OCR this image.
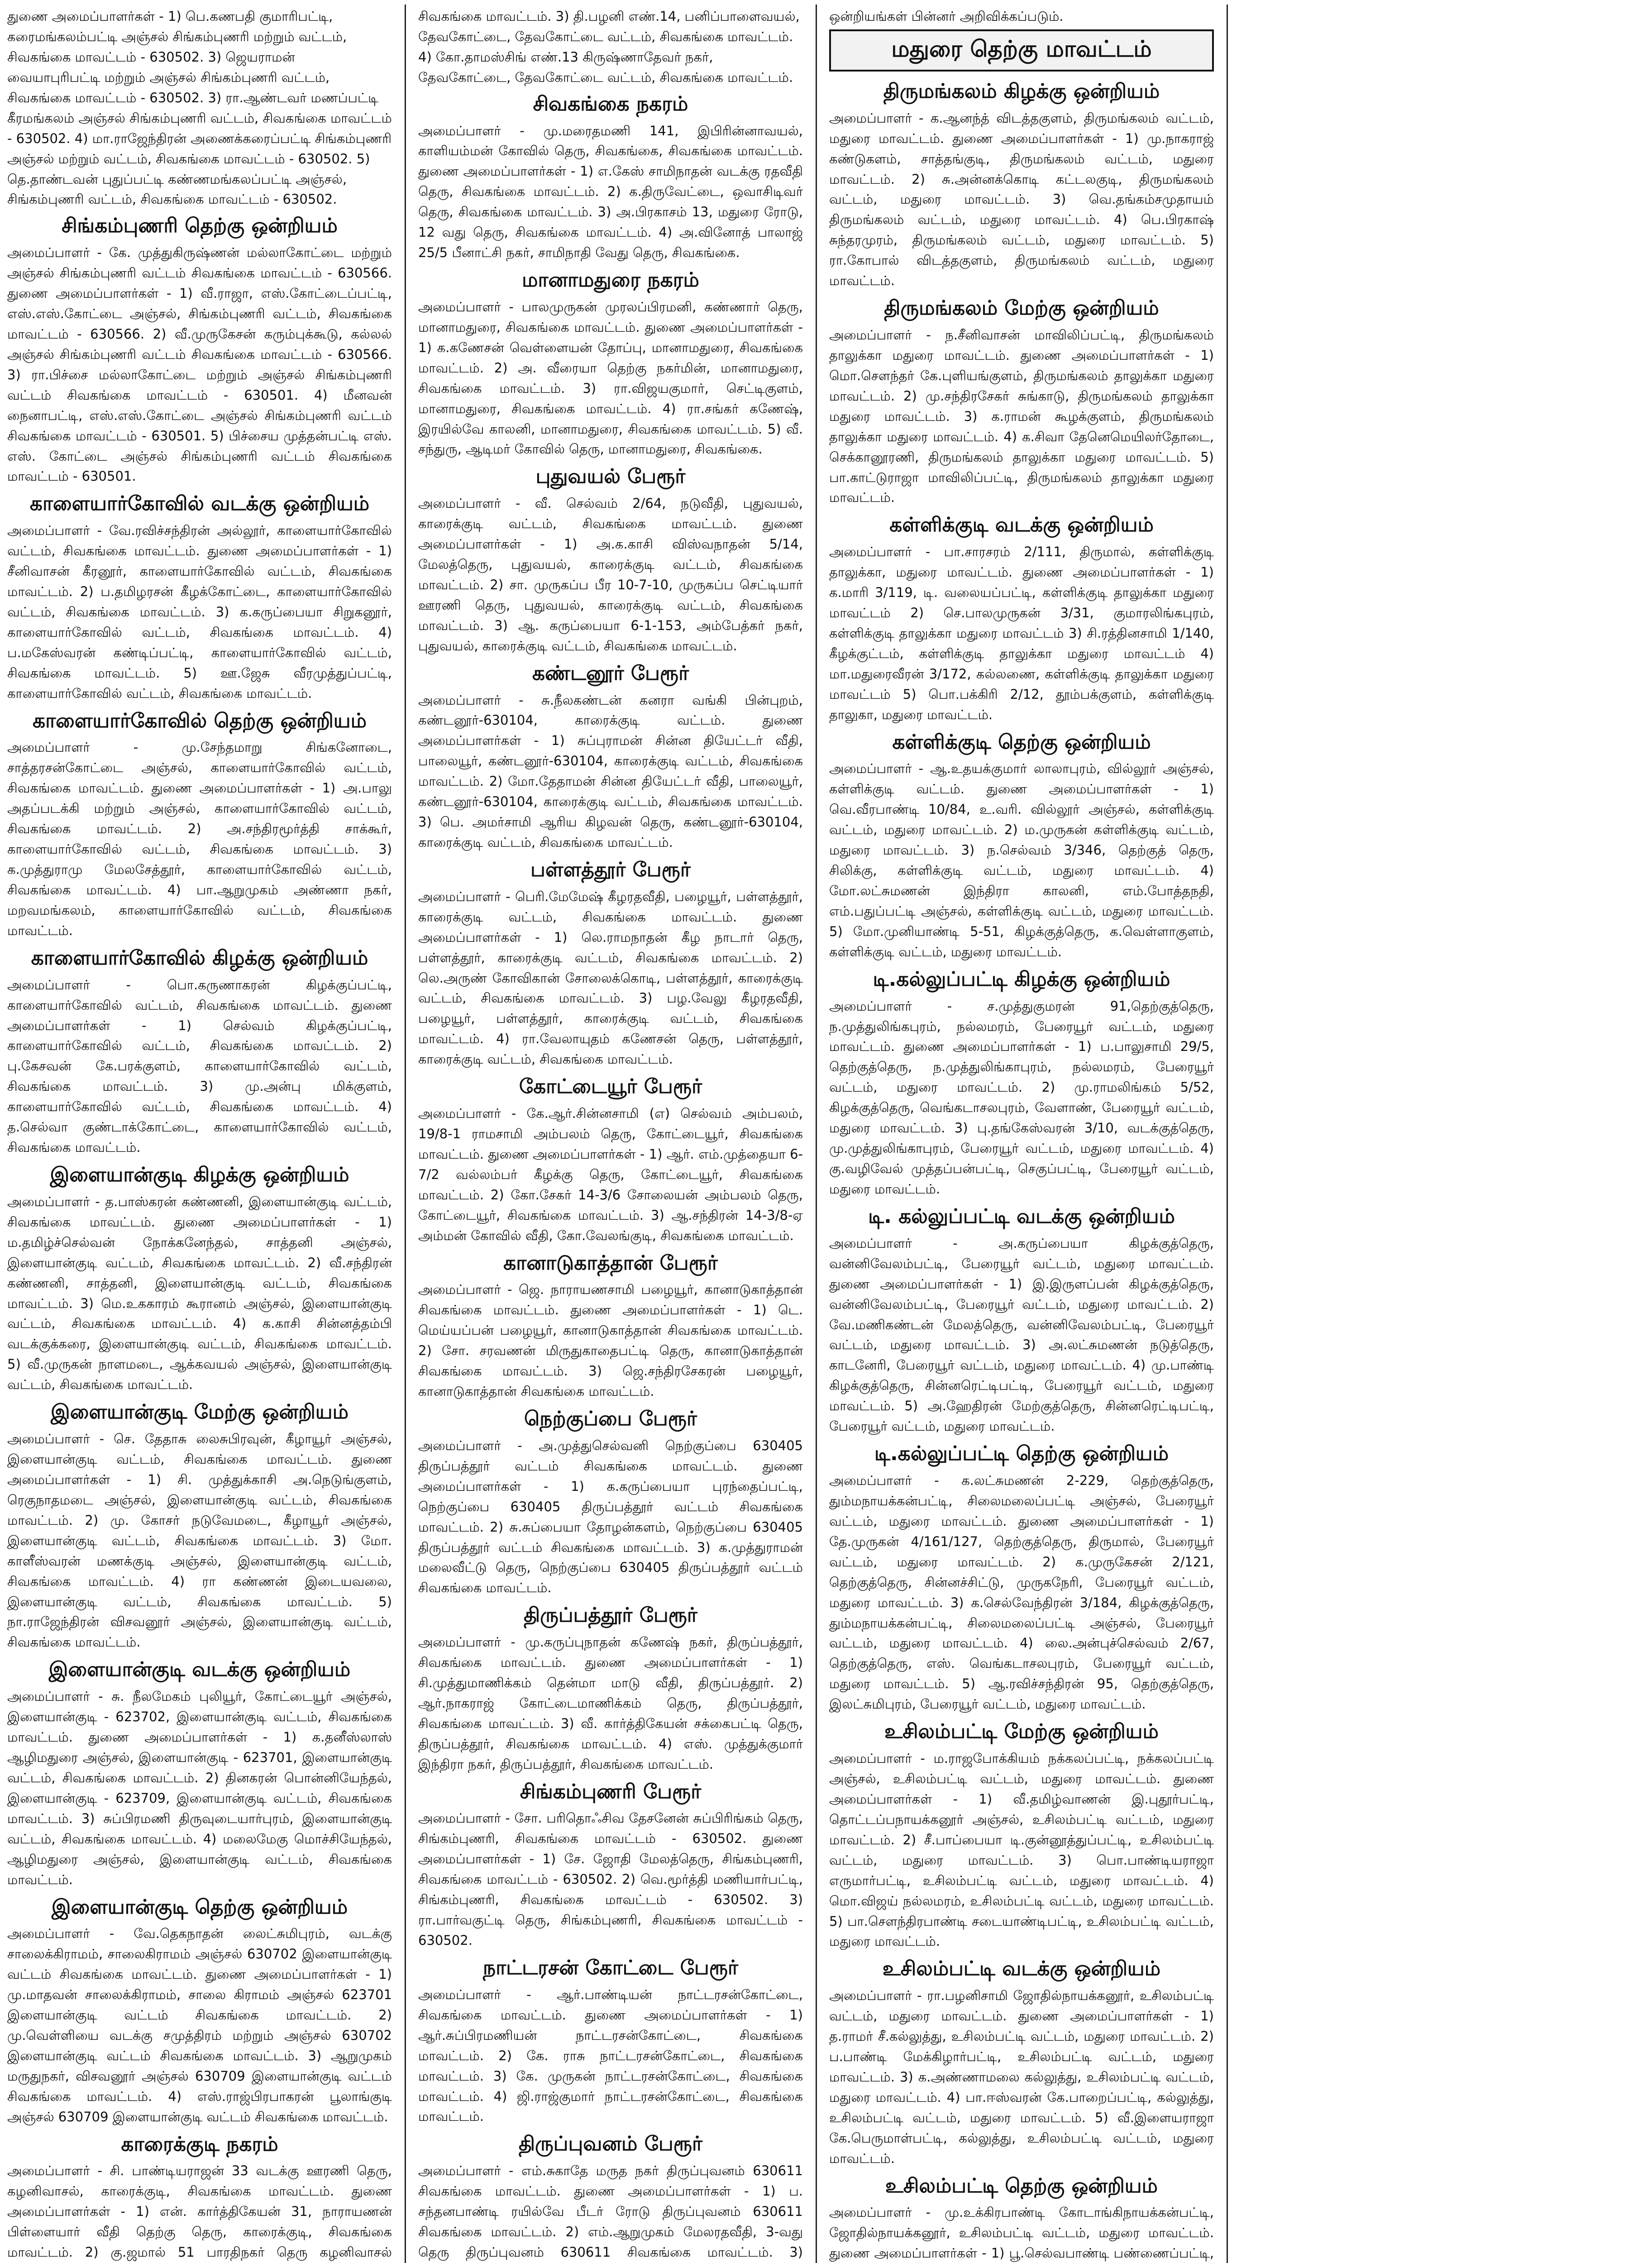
துணை அமைப்பாளர்கள் - 1) பெ.கணபதி குமாரிபட்டி, கரைமங்கலம்பட்டி அஞ்சல் சிங்கம்புணரி மற்றும் வட்டம், சிவகங்கை மாவட்டம் - 630502. 3) ஜெயராமன் வையாபுரிபட்டி மற்றும் அஞ்சல் சிங்கம்புணரி வட்டம், சிவகங்கை மாவட்டம் - 630502. 3) ரா.ஆண்டவர் மணப்பட்டி கீரமங்கலம் அஞ்சல் சிங்கம்புணரி வட்டம், சிவகங்கை மாவட்டம் - 630502. 4) மா.ராஜேந்திரன் அணைக்கரைப்பட்டி சிங்கம்புணரி அஞ்சல் மற்றும் வட்டம், சிவகங்கை மாவட்டம் - 630502. 5) தெ.தாண்டவன் புதுப்பட்டி கண்ணமங்கலப்பட்டி அஞ்சல், சிங்கம்புணரி வட்டம், சிவகங்கை மாவட்டம் - 630502.

சிங்கம்புணரி தெற்கு ஒன்றியம்

அமைப்பாளர் - கே. முத்துகிருஷ்ணன் மல்லாகோட்டை மற்றும் அஞ்சல் சிங்கம்புணரி வட்டம் சிவகங்கை மாவட்டம் - 630566. துணை அமைப்பாளர்கள் - 1) வீ.ராஜா, எஸ்.கோட்டைப்பட்டி, எஸ்.எஸ்.கோட்டை அஞ்சல், சிங்கம்புணரி வட்டம், சிவகங்கை மாவட்டம் - 630566. 2) வீ.முருகேசன் கரும்புக்கூடு, கல்லல் அஞ்சல் சிங்கம்புணரி வட்டம் சிவகங்கை மாவட்டம் - 630566. 3) ரா.பிச்சை மல்லாகோட்டை மற்றும் அஞ்சல் சிங்கம்புணரி வட்டம் சிவகங்கை மாவட்டம் - 630501. 4) மீனவன் நைனாபட்டி, எஸ்.எஸ்.கோட்டை அஞ்சல் சிங்கம்புணரி வட்டம் சிவகங்கை மாவட்டம் - 630501. 5) பிச்சைய முத்தன்பட்டி எஸ். எஸ். கோட்டை அஞ்சல் சிங்கம்புணரி வட்டம் சிவகங்கை மாவட்டம் - 630501.

காளையார்கோவில் வடக்கு ஒன்றியம்

அமைப்பாளர் - வே.ரவிச்சந்திரன் அல்லூர், காளையார்கோவில் வட்டம், சிவகங்கை மாவட்டம். துணை அமைப்பாளர்கள் - 1) சீனிவாசன் கீரனூர், காளையார்கோவில் வட்டம், சிவகங்கை மாவட்டம். 2) ப.தமிழரசன் கீழக்கோட்டை, காளையார்கோவில் வட்டம், சிவகங்கை மாவட்டம். 3) க.கருப்பையா சிறுகனூர், காளையார்கோவில் வட்டம், சிவகங்கை மாவட்டம். 4) ப.மகேஸ்வரன் கண்டிப்பட்டி, காளையார்கோவில் வட்டம், சிவகங்கை மாவட்டம். 5) ஊ.ஜேசு வீரமுத்துப்பட்டி, காளையார்கோவில் வட்டம், சிவகங்கை மாவட்டம்.

காளையார்கோவில் தெற்கு ஒன்றியம்

அமைப்பாளர் - மு.சேந்தமாறு சிங்கனோடை, சாத்தரசன்கோட்டை அஞ்சல், காளையார்கோவில் வட்டம், சிவகங்கை மாவட்டம். துணை அமைப்பாளர்கள் - 1) அ.பாலு அதப்படக்கி மற்றும் அஞ்சல், காளையார்கோவில் வட்டம், சிவகங்கை மாவட்டம். 2) அ.சந்திரமூர்த்தி சாக்கூர், காளையார்கோவில் வட்டம், சிவகங்கை மாவட்டம். 3) க.முத்துராமு மேலசேத்தூர், காளையார்கோவில் வட்டம், சிவகங்கை மாவட்டம். 4) பா.ஆறுமுகம் அண்ணா நகர், மறவமங்கலம், காளையார்கோவில் வட்டம், சிவகங்கை மாவட்டம்.

காளையார்கோவில் கிழக்கு ஒன்றியம்

அமைப்பாளர் - பொ.கருணாகரன் கிழக்குப்பட்டி, காளையார்கோவில் வட்டம், சிவகங்கை மாவட்டம். துணை அமைப்பாளர்கள் - 1) செல்வம் கிழக்குப்பட்டி, காளையார்கோவில் வட்டம், சிவகங்கை மாவட்டம். 2) பு.கேசவன் கே.பரக்குளம், காளையார்கோவில் வட்டம், சிவகங்கை மாவட்டம். 3) மு.அன்பு மிக்குளம், காளையார்கோவில் வட்டம், சிவகங்கை மாவட்டம். 4) த.செல்வா குண்டாக்கோட்டை, காளையார்கோவில் வட்டம், சிவகங்கை மாவட்டம்.

இளையான்குடி கிழக்கு ஒன்றியம்

அமைப்பாளர் - த.பாஸ்கரன் கண்ணனி, இளையான்குடி வட்டம், சிவகங்கை மாவட்டம். துணை அமைப்பாளர்கள் - 1) ம.தமிழ்ச்செல்வன் நோக்கனேந்தல், சாத்தனி அஞ்சல், இளையான்குடி வட்டம், சிவகங்கை மாவட்டம். 2) வீ.சந்திரன் கண்ணனி, சாத்தனி, இளையான்குடி வட்டம், சிவகங்கை மாவட்டம். 3) மெ.உககாரம் கூரானம் அஞ்சல், இளையான்குடி வட்டம், சிவகங்கை மாவட்டம். 4) க.காசி சின்னத்தம்பி வடக்குக்கரை, இளையான்குடி வட்டம், சிவகங்கை மாவட்டம். 5) வீ.முருகன் நாளமடை, ஆக்கவயல் அஞ்சல், இளையான்குடி வட்டம், சிவகங்கை மாவட்டம்.

இளையான்குடி மேற்கு ஒன்றியம்

அமைப்பாளர் - செ. தேதாசு லைசுபிரவுன், கீழாயூர் அஞ்சல், இளையான்குடி வட்டம், சிவகங்கை மாவட்டம். துணை அமைப்பாளர்கள் - 1) சி. முத்துக்காசி அ.நெடுங்குளம், ரெகுநாதமடை அஞ்சல், இளையான்குடி வட்டம், சிவகங்கை மாவட்டம். 2) மு. கோசர் நடுவேமடை, கீழாயூர் அஞ்சல், இளையான்குடி வட்டம், சிவகங்கை மாவட்டம். 3) மோ. காளீஸ்வரன் மணக்குடி அஞ்சல், இளையான்குடி வட்டம், சிவகங்கை மாவட்டம். 4) ரா கண்ணன் இடையவலை, இளையான்குடி வட்டம், சிவகங்கை மாவட்டம். 5) நா.ராஜேந்திரன் விசவனூர் அஞ்சல், இளையான்குடி வட்டம், சிவகங்கை மாவட்டம்.

இளையான்குடி வடக்கு ஒன்றியம்

அமைப்பாளர் - சு. நீலமேகம் புலியூர், கோட்டையூர் அஞ்சல், இளையான்குடி - 623702, இளையான்குடி வட்டம், சிவகங்கை மாவட்டம். துணை அமைப்பாளர்கள் - 1) க.தனீஸ்லாஸ் ஆழிமதுரை அஞ்சல், இளையான்குடி - 623701, இளையான்குடி வட்டம், சிவகங்கை மாவட்டம். 2) தினகரன் பொன்னியேந்தல், இளையான்குடி - 623709, இளையான்குடி வட்டம், சிவகங்கை மாவட்டம். 3) சுப்பிரமணி திருவுடையார்புரம், இளையான்குடி வட்டம், சிவகங்கை மாவட்டம். 4) மலைமேகு மொச்சியேந்தல், ஆழிமதுரை அஞ்சல், இளையான்குடி வட்டம், சிவகங்கை மாவட்டம்.

இளையான்குடி தெற்கு ஒன்றியம்

அமைப்பாளர் - வே.தெகநாதன் லைட்சுமிபுரம், வடக்கு சாலைக்கிராமம், சாலைகிராமம் அஞ்சல் 630702 இளையான்குடி வட்டம் சிவகங்கை மாவட்டம். துணை அமைப்பாளர்கள் - 1) மு.மாதவன் சாலைக்கிராமம், சாலை கிராமம் அஞ்சல் 623701 இளையான்குடி வட்டம் சிவகங்கை மாவட்டம். 2) மு.வெள்ளியை வடக்கு சமுத்திரம் மற்றும் அஞ்சல் 630702 இளையான்குடி வட்டம் சிவகங்கை மாவட்டம். 3) ஆறுமுகம் மருதுநகர், விசவனூர் அஞ்சல் 630709 இளையான்குடி வட்டம் சிவகங்கை மாவட்டம். 4) எஸ்.ராஜ்பிரபாகரன் பூலாங்குடி அஞ்சல் 630709 இளையான்குடி வட்டம் சிவகங்கை மாவட்டம்.

காரைக்குடி நகரம்

அமைப்பாளர் - சி. பாண்டியராஜன் 33 வடக்கு ஊரணி தெரு, கழனிவாசல், காரைக்குடி, சிவகங்கை மாவட்டம். துணை அமைப்பாளர்கள் - 1) என். கார்த்திகேயன் 31, நாராயணன் பிள்ளையார் வீதி தெற்கு தெரு, காரைக்குடி, சிவகங்கை மாவட்டம். 2) கு.ஜமால் 51 பாரதிநகர் தெரு கழனிவாசல்

சிவகங்கை மாவட்டம். 3) தி.பழனி எண்.14, பனிப்பாளைவயல், தேவகோட்டை, தேவகோட்டை வட்டம், சிவகங்கை மாவட்டம். 4) கோ.தாமஸ்சிங் எண்.13 கிருஷ்ணாதேவர் நகர், தேவகோட்டை, தேவகோட்டை வட்டம், சிவகங்கை மாவட்டம்.

சிவகங்கை நகரம்

அமைப்பாளர் - மு.மரைதமணி 141, இபிரின்னாவயல், காளியம்மன் கோவில் தெரு, சிவகங்கை, சிவகங்கை மாவட்டம். துணை அமைப்பாளர்கள் - 1) எ.கேஸ் சாமிநாதன் வடக்கு ரதவீதி தெரு, சிவகங்கை மாவட்டம். 2) க.திருவேட்டை, ஒவாசிடிவர் தெரு, சிவகங்கை மாவட்டம். 3) அ.பிரகாசம் 13, மதுரை ரோடு, 12 வது தெரு, சிவகங்கை மாவட்டம். 4) அ.வினோத் பாலாஜ் 25/5 பீனாட்சி நகர், சாமிநாதி வேது தெரு, சிவகங்கை.

மானாமதுரை நகரம்

அமைப்பாளர் - பாலமுருகன் முரலப்பிரமனி, கண்ணார் தெரு, மானாமதுரை, சிவகங்கை மாவட்டம். துணை அமைப்பாளர்கள் - 1) க.கணேசன் வெள்ளையன் தோப்பு, மானாமதுரை, சிவகங்கை மாவட்டம். 2) அ. வீரையா தெற்கு நகர்மின், மானாமதுரை, சிவகங்கை மாவட்டம். 3) ரா.விஜயகுமார், செட்டிகுளம், மானாமதுரை, சிவகங்கை மாவட்டம். 4) ரா.சங்கர் கணேஷ், இரயில்வே காலனி, மானாமதுரை, சிவகங்கை மாவட்டம். 5) வீ. சந்துரு, ஆடிமர் கோவில் தெரு, மானாமதுரை, சிவகங்கை.

புதுவயல் பேரூர்

அமைப்பாளர் - வீ. செல்வம் 2/64, நடுவீதி, புதுவயல், காரைக்குடி வட்டம், சிவகங்கை மாவட்டம். துணை அமைப்பாளர்கள் - 1) அ.க.காசி விஸ்வநாதன் 5/14, மேலத்தெரு, புதுவயல், காரைக்குடி வட்டம், சிவகங்கை மாவட்டம். 2) சா. முருகப்ப பீர 10-7-10, முருகப்ப செட்டியார் ஊரணி தெரு, புதுவயல், காரைக்குடி வட்டம், சிவகங்கை மாவட்டம். 3) ஆ. கருப்பையா 6-1-153, அம்பேத்கர் நகர், புதுவயல், காரைக்குடி வட்டம், சிவகங்கை மாவட்டம்.

கண்டனூர் பேரூர்

அமைப்பாளர் - சு.நீலகண்டன் கனரா வங்கி பின்புறம், கண்டனூர்-630104, காரைக்குடி வட்டம். துணை அமைப்பாளர்கள் - 1) சுப்புராமன் சின்ன தியேட்டர் வீதி, பாலையூர், கண்டனூர்-630104, காரைக்குடி வட்டம், சிவகங்கை மாவட்டம். 2) மோ.தேதாமன் சின்ன தியேட்டர் வீதி, பாலையூர், கண்டனூர்-630104, காரைக்குடி வட்டம், சிவகங்கை மாவட்டம். 3) பெ. அமர்சாமி ஆரிய கிழவன் தெரு, கண்டனூர்-630104, காரைக்குடி வட்டம், சிவகங்கை மாவட்டம்.

பள்ளத்தூர் பேரூர்

அமைப்பாளர் - பெரி.மேமேஷ் கீழரதவீதி, பழையூர், பள்ளத்தூர், காரைக்குடி வட்டம், சிவகங்கை மாவட்டம். துணை அமைப்பாளர்கள் - 1) லெ.ராமநாதன் கீழ நாடார் தெரு, பள்ளத்தூர், காரைக்குடி வட்டம், சிவகங்கை மாவட்டம். 2) லெ.அருண் கோவிகான் சோலைக்கொடி, பள்ளத்தூர், காரைக்குடி வட்டம், சிவகங்கை மாவட்டம். 3) பழ.வேலு கீழரதவீதி, பழையூர், பள்ளத்தூர், காரைக்குடி வட்டம், சிவகங்கை மாவட்டம். 4) ரா.வேலாயுதம் கணேசன் தெரு, பள்ளத்தூர், காரைக்குடி வட்டம், சிவகங்கை மாவட்டம்.

கோட்டையூர் பேரூர்

அமைப்பாளர் - கே.ஆர்.சின்னசாமி (எ) செல்வம் அம்பலம், 19/8-1 ராமசாமி அம்பலம் தெரு, கோட்டையூர், சிவகங்கை மாவட்டம். துணை அமைப்பாளர்கள் - 1) ஆர். எம்.முத்தையா 6-7/2 வல்லம்பர் கீழக்கு தெரு, கோட்டையூர், சிவகங்கை மாவட்டம். 2) கோ.சேகர் 14-3/6 சோலையன் அம்பலம் தெரு, கோட்டையூர், சிவகங்கை மாவட்டம். 3) ஆ.சந்திரன் 14-3/8-ஏ அம்மன் கோவில் வீதி, கோ.வேலங்குடி, சிவகங்கை மாவட்டம்.

கானாடுகாத்தான் பேரூர்

அமைப்பாளர் - ஜெ. நாராயணசாமி பழையூர், கானாடுகாத்தான் சிவகங்கை மாவட்டம். துணை அமைப்பாளர்கள் - 1) டெ. மெய்யப்பன் பழையூர், கானாடுகாத்தான் சிவகங்கை மாவட்டம். 2) சோ. சரவணன் மிருதுகாதைபட்டி தெரு, கானாடுகாத்தான் சிவகங்கை மாவட்டம். 3) ஜெ.சந்திரசேகரன் பழையூர், கானாடுகாத்தான் சிவகங்கை மாவட்டம்.

நெற்குப்பை பேரூர்

அமைப்பாளர் - அ.முத்துசெல்வனி நெற்குப்பை 630405 திருப்பத்தூர் வட்டம் சிவகங்கை மாவட்டம். துணை அமைப்பாளர்கள் - 1) க.கருப்பையா புரந்தைப்பட்டி, நெற்குப்பை 630405 திருப்பத்தூர் வட்டம் சிவகங்கை மாவட்டம். 2) சு.சுப்பையா தோழன்களம், நெற்குப்பை 630405 திருப்பத்தூர் வட்டம் சிவகங்கை மாவட்டம். 3) க.முத்துராமன் மலைவீட்டு தெரு, நெற்குப்பை 630405 திருப்பத்தூர் வட்டம் சிவகங்கை மாவட்டம்.

திருப்பத்தூர் பேரூர்

அமைப்பாளர் - மு.கருப்புநாதன் கணேஷ் நகர், திருப்பத்தூர், சிவகங்கை மாவட்டம். துணை அமைப்பாளர்கள் - 1) சி.முத்துமாணிக்கம் தென்மா மாடு வீதி, திருப்பத்தூர். 2) ஆர்.நாகராஜ் கோட்டைமாணிக்கம் தெரு, திருப்பத்தூர், சிவகங்கை மாவட்டம். 3) வீ. கார்த்திகேயன் சக்கைபட்டி தெரு, திருப்பத்தூர், சிவகங்கை மாவட்டம். 4) எஸ். முத்துக்குமார் இந்திரா நகர், திருப்பத்தூர், சிவகங்கை மாவட்டம்.

சிங்கம்புணரி பேரூர்

அமைப்பாளர் - சோ. பரிதொஃசிவ தேசனேன் சுப்பிரிங்கம் தெரு, சிங்கம்புணரி, சிவகங்கை மாவட்டம் - 630502. துணை அமைப்பாளர்கள் - 1) சே. ஜோதி மேலத்தெரு, சிங்கம்புணரி, சிவகங்கை மாவட்டம் - 630502. 2) வெ.மூர்த்தி மணியார்பட்டி, சிங்கம்புணரி, சிவகங்கை மாவட்டம் - 630502. 3) ரா.பார்வகுட்டி தெரு, சிங்கம்புணரி, சிவகங்கை மாவட்டம் - 630502.

நாட்டரசன் கோட்டை பேரூர்

அமைப்பாளர் - ஆர்.பாண்டியன் நாட்டரசன்கோட்டை, சிவகங்கை மாவட்டம். துணை அமைப்பாளர்கள் - 1) ஆர்.சுப்பிரமணியன் நாட்டரசன்கோட்டை, சிவகங்கை மாவட்டம். 2) கே. ராசு நாட்டரசன்கோட்டை, சிவகங்கை மாவட்டம். 3) கே. முருகன் நாட்டரசன்கோட்டை, சிவகங்கை மாவட்டம். 4) ஜி.ராஜ்குமார் நாட்டரசன்கோட்டை, சிவகங்கை மாவட்டம்.

திருப்புவனம் பேரூர்

அமைப்பாளர் - எம்.சுகாதே மருத நகர் திருப்புவனம் 630611 சிவகங்கை மாவட்டம். துணை அமைப்பாளர்கள் - 1) ப. சந்தனபாண்டி ரயில்வே பீடர் ரோடு திருப்புவனம் 630611 சிவகங்கை மாவட்டம். 2) எம்.ஆறுமுகம் மேலரதவீதி, 3-வது தெரு திருப்புவனம் 630611 சிவகங்கை மாவட்டம். 3)

ஒன்றியங்கள் பின்னர் அறிவிக்கப்படும்.

மதுரை தெற்கு மாவட்டம்
திருமங்கலம் கிழக்கு ஒன்றியம்

அமைப்பாளர் - க.ஆனந்த் விடத்தகுளம், திருமங்கலம் வட்டம், மதுரை மாவட்டம். துணை அமைப்பாளர்கள் - 1) மு.நாகராஜ் கண்டுகளம், சாத்தங்குடி, திருமங்கலம் வட்டம், மதுரை மாவட்டம். 2) சு.அன்னக்கொடி கட்டலகுடி, திருமங்கலம் வட்டம், மதுரை மாவட்டம். 3) வெ.தங்கம்சமுதாயம் திருமங்கலம் வட்டம், மதுரை மாவட்டம். 4) பெ.பிரகாஷ் சுந்தரமுரம், திருமங்கலம் வட்டம், மதுரை மாவட்டம். 5) ரா.கோபால் விடத்தகுளம், திருமங்கலம் வட்டம், மதுரை மாவட்டம்.

திருமங்கலம் மேற்கு ஒன்றியம்

அமைப்பாளர் - ந.சீனிவாசன் மாவிலிப்பட்டி, திருமங்கலம் தாலுக்கா மதுரை மாவட்டம். துணை அமைப்பாளர்கள் - 1) மொ.சௌந்தர் கே.புளியங்குளம், திருமங்கலம் தாலுக்கா மதுரை மாவட்டம். 2) மு.சந்திரசேகர் சுங்காடு, திருமங்கலம் தாலுக்கா மதுரை மாவட்டம். 3) க.ராமன் கூழக்குளம், திருமங்கலம் தாலுக்கா மதுரை மாவட்டம். 4) க.சிவா தேனெமெயிலர்தோடை, செக்கானூரணி, திருமங்கலம் தாலுக்கா மதுரை மாவட்டம். 5) பா.காட்டுராஜா மாவிலிப்பட்டி, திருமங்கலம் தாலுக்கா மதுரை மாவட்டம்.

கள்ளிக்குடி வடக்கு ஒன்றியம்

அமைப்பாளர் - பா.சாரசரம் 2/111, திருமால், கள்ளிக்குடி தாலுக்கா, மதுரை மாவட்டம். துணை அமைப்பாளர்கள் - 1) க.மாரி 3/119, டி. வலையப்பட்டி, கள்ளிக்குடி தாலுக்கா மதுரை மாவட்டம் 2) செ.பாலமுருகன் 3/31, குமாரலிங்கபுரம், கள்ளிக்குடி தாலுக்கா மதுரை மாவட்டம் 3) சி.ரத்தினசாமி 1/140, கீழக்குட்டம், கள்ளிக்குடி தாலுக்கா மதுரை மாவட்டம் 4) மா.மதுரைவீரன் 3/172, கல்லணை, கள்ளிக்குடி தாலுக்கா மதுரை மாவட்டம் 5) பொ.பக்கிரி 2/12, தூம்பக்குளம், கள்ளிக்குடி தாலுகா, மதுரை மாவட்டம்.

கள்ளிக்குடி தெற்கு ஒன்றியம்

அமைப்பாளர் - ஆ.உதயக்குமார் லாலாபுரம், வில்லூர் அஞ்சல், கள்ளிக்குடி வட்டம். துணை அமைப்பாளர்கள் - 1) வெ.வீரபாண்டி 10/84, உ.வரி. வில்லூர் அஞ்சல், கள்ளிக்குடி வட்டம், மதுரை மாவட்டம். 2) ம.முருகன் கள்ளிக்குடி வட்டம், மதுரை மாவட்டம். 3) ந.செல்வம் 3/346, தெற்குத் தெரு, சிலிக்கு, கள்ளிக்குடி வட்டம், மதுரை மாவட்டம். 4) மோ.லட்சுமணன் இந்திரா காலனி, எம்.போத்தநதி, எம்.பதுப்பட்டி அஞ்சல், கள்ளிக்குடி வட்டம், மதுரை மாவட்டம். 5) மோ.முனியாண்டி 5-51, கிழக்குத்தெரு, க.வெள்ளாகுளம், கள்ளிக்குடி வட்டம், மதுரை மாவட்டம்.

டி.கல்லுப்பட்டி கிழக்கு ஒன்றியம்

அமைப்பாளர் - ச.முத்துகுமரன் 91,தெற்குத்தெரு, ந.முத்துலிங்கபுரம், நல்லமரம், பேரையூர் வட்டம், மதுரை மாவட்டம். துணை அமைப்பாளர்கள் - 1) ப.பாலுசாமி 29/5, தெற்குத்தெரு, ந.முத்துலிங்காபுரம், நல்லமரம், பேரையூர் வட்டம், மதுரை மாவட்டம். 2) மு.ராமலிங்கம் 5/52, கிழக்குத்தெரு, வெங்கடாசலபுரம், வேளாண், பேரையூர் வட்டம், மதுரை மாவட்டம். 3) பு.தங்கேஸ்வரன் 3/10, வடக்குத்தெரு, மு.முத்துலிங்காபுரம், பேரையூர் வட்டம், மதுரை மாவட்டம். 4) கு.வழிவேல் முத்தப்பன்பட்டி, செகுப்பட்டி, பேரையூர் வட்டம், மதுரை மாவட்டம்.

டி. கல்லுப்பட்டி வடக்கு ஒன்றியம்

அமைப்பாளர் - அ.கருப்பையா கிழக்குத்தெரு, வன்னிவேலம்பட்டி, பேரையூர் வட்டம், மதுரை மாவட்டம். துணை அமைப்பாளர்கள் - 1) இ.இருளப்பன் கிழக்குத்தெரு, வன்னிவேலம்பட்டி, பேரையூர் வட்டம், மதுரை மாவட்டம். 2) வே.மணிகண்டன் மேலத்தெரு, வன்னிவேலம்பட்டி, பேரையூர் வட்டம், மதுரை மாவட்டம். 3) அ.லட்சுமணன் நடுத்தெரு, காடனேரி, பேரையூர் வட்டம், மதுரை மாவட்டம். 4) மு.பாண்டி கிழக்குத்தெரு, சின்னரெட்டிபட்டி, பேரையூர் வட்டம், மதுரை மாவட்டம். 5) அ.ஹேதிரன் மேற்குத்தெரு, சின்னரெட்டிபட்டி, பேரையூர் வட்டம், மதுரை மாவட்டம்.

டி.கல்லுப்பட்டி தெற்கு ஒன்றியம்

அமைப்பாளர் - க.லட்சுமணன் 2-229, தெற்குத்தெரு, தும்மநாயக்கன்பட்டி, சிலைமலைப்பட்டி அஞ்சல், பேரையூர் வட்டம், மதுரை மாவட்டம். துணை அமைப்பாளர்கள் - 1) தே.முருகன் 4/161/127, தெற்குத்தெரு, திருமால், பேரையூர் வட்டம், மதுரை மாவட்டம். 2) க.முருகேசன் 2/121, தெற்குத்தெரு, சின்னச்சிட்டு, முருகநேரி, பேரையூர் வட்டம், மதுரை மாவட்டம். 3) க.செல்வேந்திரன் 3/184, கிழக்குத்தெரு, தும்மநாயக்கன்பட்டி, சிலைமலைப்பட்டி அஞ்சல், பேரையூர் வட்டம், மதுரை மாவட்டம். 4) லை.அன்புச்செல்வம் 2/67, தெற்குத்தெரு, எஸ். வெங்கடாசலபுரம், பேரையூர் வட்டம், மதுரை மாவட்டம். 5) ஆ.ரவிச்சந்திரன் 95, தெற்குத்தெரு, இலட்சுமிபுரம், பேரையூர் வட்டம், மதுரை மாவட்டம்.

உசிலம்பட்டி மேற்கு ஒன்றியம்

அமைப்பாளர் - ம.ராஜபோக்கியம் நக்கலப்பட்டி, நக்கலப்பட்டி அஞ்சல், உசிலம்பட்டி வட்டம், மதுரை மாவட்டம். துணை அமைப்பாளர்கள் - 1) வீ.தமிழ்வாணன் இ.புதூர்பட்டி, தொட்டப்பநாயக்கனூர் அஞ்சல், உசிலம்பட்டி வட்டம், மதுரை மாவட்டம். 2) சீ.பாப்பையா டி.குன்னூத்துப்பட்டி, உசிலம்பட்டி வட்டம், மதுரை மாவட்டம். 3) பொ.பாண்டியராஜா எருமார்பட்டி, உசிலம்பட்டி வட்டம், மதுரை மாவட்டம். 4) மொ.விஜய் நல்லமரம், உசிலம்பட்டி வட்டம், மதுரை மாவட்டம். 5) பா.செளந்திரபாண்டி சடையாண்டிபட்டி, உசிலம்பட்டி வட்டம், மதுரை மாவட்டம்.

உசிலம்பட்டி வடக்கு ஒன்றியம்

அமைப்பாளர் - ரா.பழனிசாமி ஜோதில்நாயக்கனூர், உசிலம்பட்டி வட்டம், மதுரை மாவட்டம். துணை அமைப்பாளர்கள் - 1) த.ராமர் சீ.கல்லுத்து, உசிலம்பட்டி வட்டம், மதுரை மாவட்டம். 2) ப.பாண்டி மேக்கிழார்பட்டி, உசிலம்பட்டி வட்டம், மதுரை மாவட்டம். 3) க.அண்ணாமலை கல்லுத்து, உசிலம்பட்டி வட்டம், மதுரை மாவட்டம். 4) பா.ஈஸ்வரன் கே.பாறைப்பட்டி, கல்லுத்து, உசிலம்பட்டி வட்டம், மதுரை மாவட்டம். 5) வீ.இளையராஜா கே.பெருமாள்பட்டி, கல்லுத்து, உசிலம்பட்டி வட்டம், மதுரை மாவட்டம்.

உசிலம்பட்டி தெற்கு ஒன்றியம்

அமைப்பாளர் - மு.உக்கிரபாண்டி கோடாங்கிநாயக்கன்பட்டி, ஜோதில்நாயக்கனூர், உசிலம்பட்டி வட்டம், மதுரை மாவட்டம். துணை அமைப்பாளர்கள் - 1) பூ.செல்வபாண்டி பண்ணைப்பட்டி,
